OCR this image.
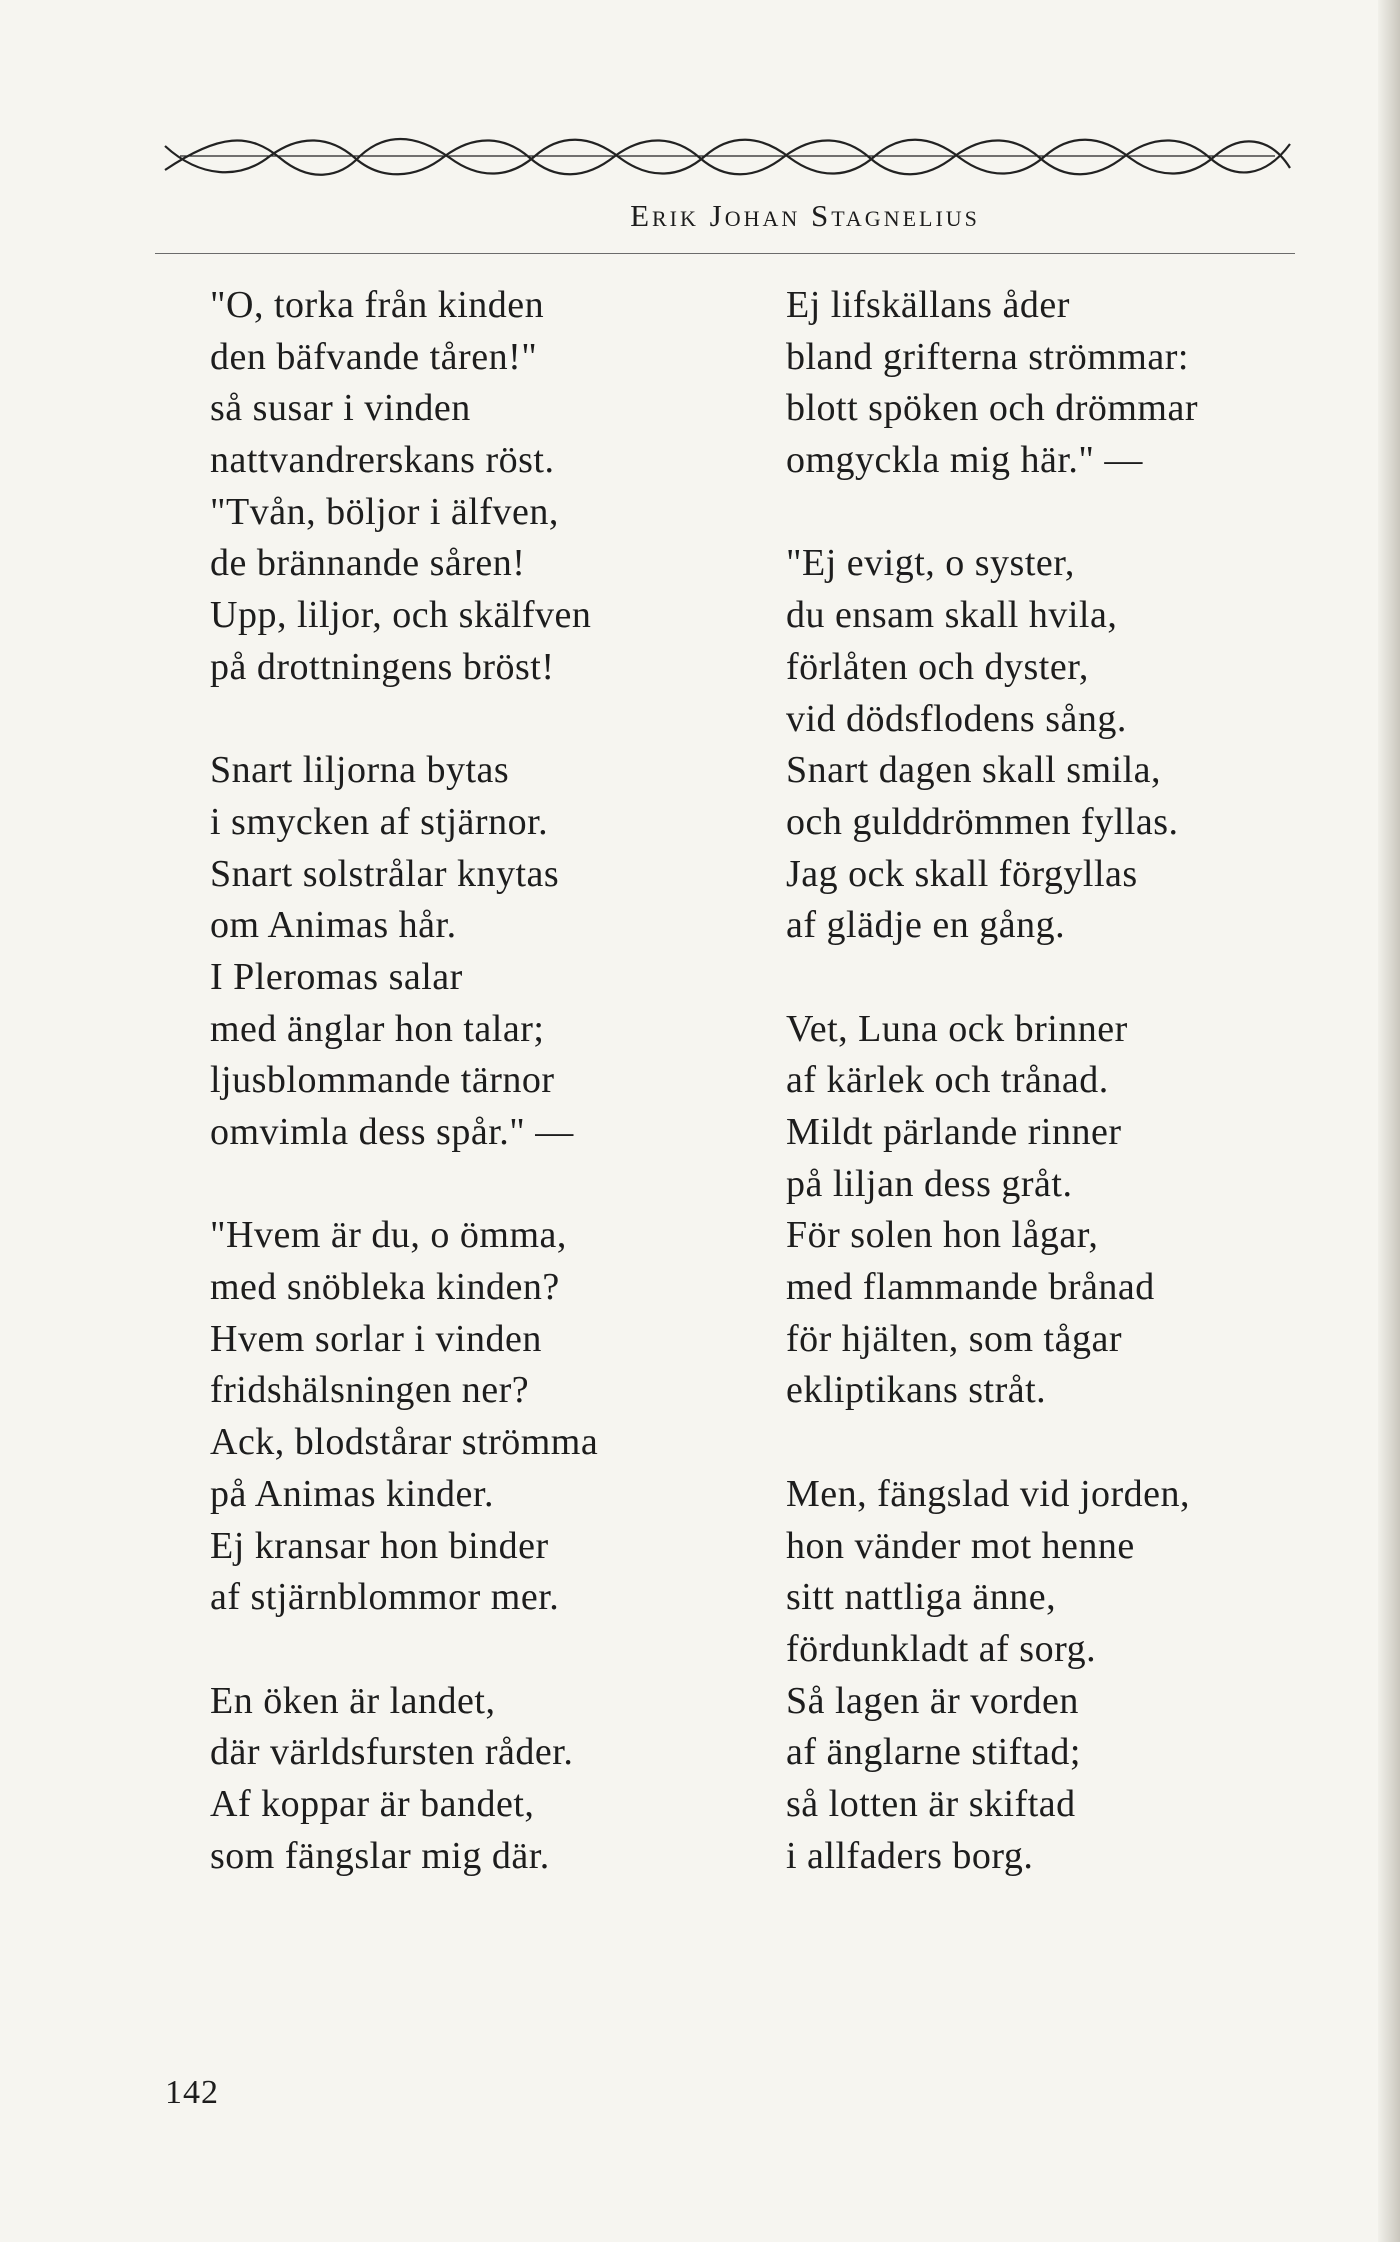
Erik Johan Stagnelius
"O, torka från kinden
den bäfvande tåren!"
så susar i vinden
nattvandrerskans röst.
"Tvån, böljor i älfven,
de brännande såren!
Upp, liljor, och skälfven
på drottningens bröst!
Snart liljorna bytas
i smycken af stjärnor.
Snart solstrålar knytas
om Animas hår.
I Pleromas salar
med änglar hon talar;
ljusblommande tärnor
omvimla dess spår." —
"Hvem är du, o ömma,
med snöbleka kinden?
Hvem sorlar i vinden
fridshälsningen ner?
Ack, blodstårar strömma
på Animas kinder.
Ej kransar hon binder
af stjärnblommor mer.
En öken är landet,
där världsfursten råder.
Af koppar är bandet,
som fängslar mig där.
Ej lifskällans åder
bland grifterna strömmar:
blott spöken och drömmar
omgyckla mig här." —
"Ej evigt, o syster,
du ensam skall hvila,
förlåten och dyster,
vid dödsflodens sång.
Snart dagen skall smila,
och gulddrömmen fyllas.
Jag ock skall förgyllas
af glädje en gång.
Vet, Luna ock brinner
af kärlek och trånad.
Mildt pärlande rinner
på liljan dess gråt.
För solen hon lågar,
med flammande brånad
för hjälten, som tågar
ekliptikans stråt.
Men, fängslad vid jorden,
hon vänder mot henne
sitt nattliga änne,
fördunkladt af sorg.
Så lagen är vorden
af änglarne stiftad;
så lotten är skiftad
i allfaders borg.
142
